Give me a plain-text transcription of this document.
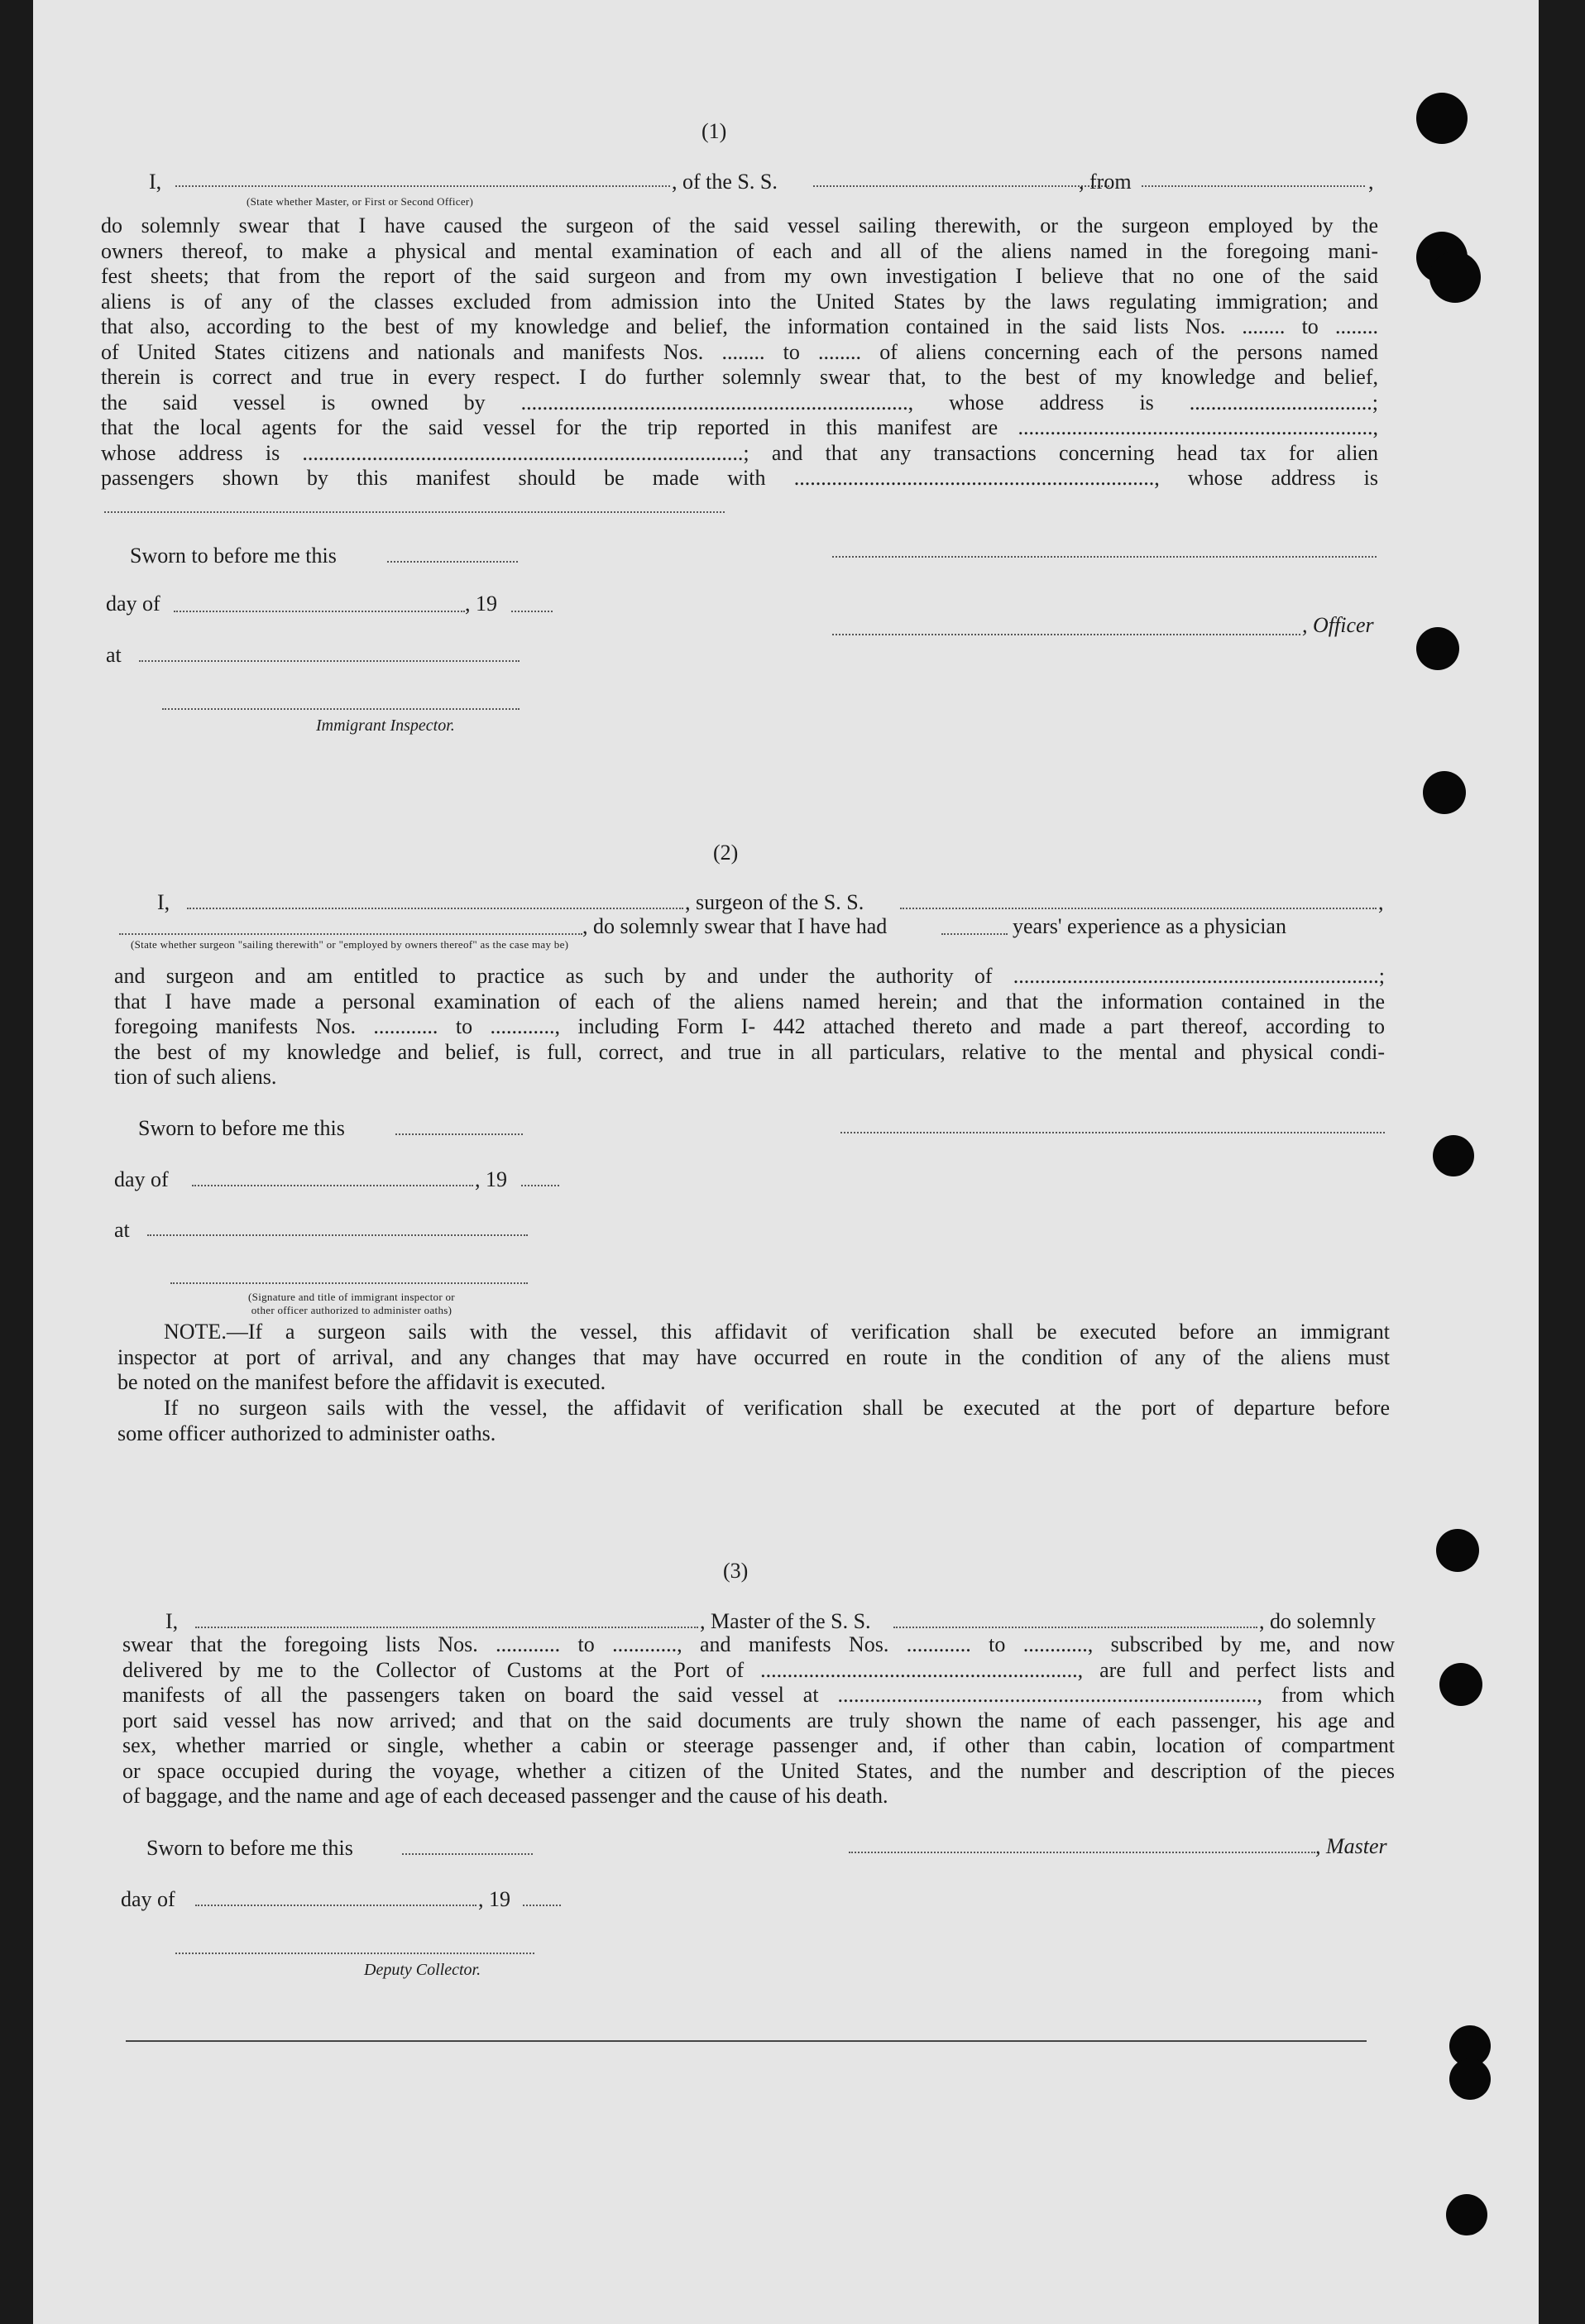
(1)
I,	, of the S. S.	, from	,
(State whether Master, or First or Second Officer)
do solemnly swear that I have caused the surgeon of the said vessel sailing therewith, or the surgeon employed by the
owners thereof, to make a physical and mental examination of each and all of the aliens named in the foregoing mani-
fest sheets; that from the report of the said surgeon and from my own investigation I believe that no one of the said
aliens is of any of the classes excluded from admission into the United States by the laws regulating immigration; and
that also, according to the best of my knowledge and belief, the information contained in the said lists Nos. ........ to ........
of United States citizens and nationals and manifests Nos. ........ to ........ of aliens concerning each of the persons named
therein is correct and true in every respect. I do further solemnly swear that, to the best of my knowledge and belief,
the said vessel is owned by ........................................................................, whose address is ..................................;
that the local agents for the said vessel for the trip reported in this manifest are ..................................................................,
whose address is ..................................................................................; and that any transactions concerning head tax for alien
passengers shown by this manifest should be made with ..................................................................., whose address is
Sworn to before me this
day of	, 19
, Officer
at
Immigrant Inspector.
(2)
I,	, surgeon of the S. S.	,
, do solemnly swear that I have had	years' experience as a physician
(State whether surgeon "sailing therewith" or "employed by owners thereof" as the case may be)
and surgeon and am entitled to practice as such by and under the authority of ....................................................................;
that I have made a personal examination of each of the aliens named herein; and that the information contained in the
foregoing manifests Nos. ............ to ............, including Form I- 442 attached thereto and made a part thereof, according to
the best of my knowledge and belief, is full, correct, and true in all particulars, relative to the mental and physical condi-
tion of such aliens.
Sworn to before me this
day of	, 19
at
(Signature and title of immigrant inspector or
other officer authorized to administer oaths)
NOTE.—If a surgeon sails with the vessel, this affidavit of verification shall be executed before an immigrant
inspector at port of arrival, and any changes that may have occurred en route in the condition of any of the aliens must
be noted on the manifest before the affidavit is executed.
If no surgeon sails with the vessel, the affidavit of verification shall be executed at the port of departure before
some officer authorized to administer oaths.
(3)
I,	, Master of the S. S.	, do solemnly
swear that the foregoing lists Nos. ............ to ............, and manifests Nos. ............ to ............, subscribed by me, and now
delivered by me to the Collector of Customs at the Port of ..........................................................., are full and perfect lists and
manifests of all the passengers taken on board the said vessel at .............................................................................., from which
port said vessel has now arrived; and that on the said documents are truly shown the name of each passenger, his age and
sex, whether married or single, whether a cabin or steerage passenger and, if other than cabin, location of compartment
or space occupied during the voyage, whether a citizen of the United States, and the number and description of the pieces
of baggage, and the name and age of each deceased passenger and the cause of his death.
Sworn to before me this	, Master
day of	, 19
Deputy Collector.
